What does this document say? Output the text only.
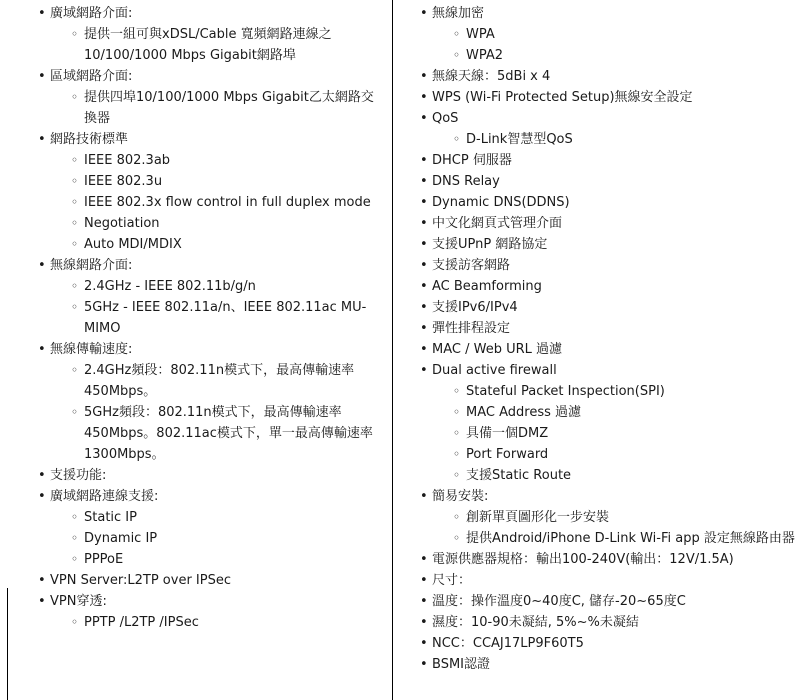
• 廣域網路介面:
◦ 提供一組可與xDSL/Cable 寬頻網路連線之 10/100/1000 Mbps Gigabit網路埠
• 區域網路介面:
◦ 提供四埠10/100/1000 Mbps Gigabit乙太網路交換器
• 網路技術標準
◦ IEEE 802.3ab
◦ IEEE 802.3u
◦ IEEE 802.3x flow control in full duplex mode
◦ Negotiation
◦ Auto MDI/MDIX
• 無線網路介面:
◦ 2.4GHz - IEEE 802.11b/g/n
◦ 5GHz - IEEE 802.11a/n、IEEE 802.11ac MU-MIMO
• 無線傳輸速度:
◦ 2.4GHz頻段：802.11n模式下，最高傳輸速率450Mbps。
◦ 5GHz頻段：802.11n模式下，最高傳輸速率450Mbps。802.11ac模式下，單一最高傳輸速率1300Mbps。
• 支援功能:
• 廣域網路連線支援:
◦ Static IP
◦ Dynamic IP
◦ PPPoE
• VPN Server:L2TP over IPSec
• VPN穿透:
◦ PPTP /L2TP /IPSec
• 無線加密
◦ WPA
◦ WPA2
• 無線天線：5dBi x 4
• WPS (Wi-Fi Protected Setup)無線安全設定
• QoS
◦ D-Link智慧型QoS
• DHCP 伺服器
• DNS Relay
• Dynamic DNS(DDNS)
• 中文化網頁式管理介面
• 支援UPnP 網路協定
• 支援訪客網路
• AC Beamforming
• 支援IPv6/IPv4
• 彈性排程設定
• MAC / Web URL 過濾
• Dual active firewall
◦ Stateful Packet Inspection(SPI)
◦ MAC Address 過濾
◦ 具備一個DMZ
◦ Port Forward
◦ 支援Static Route
• 簡易安裝:
◦ 創新單頁圖形化一步安裝
◦ 提供Android/iPhone D-Link Wi-Fi app 設定無線路由器
• 電源供應器規格：輸出100-240V(輸出：12V/1.5A)
• 尺寸：
• 溫度：操作溫度0~40度C, 儲存-20~65度C
• 濕度：10-90未凝結, 5%~%未凝結
• NCC：CCAJ17LP9F60T5
• BSMI認證
